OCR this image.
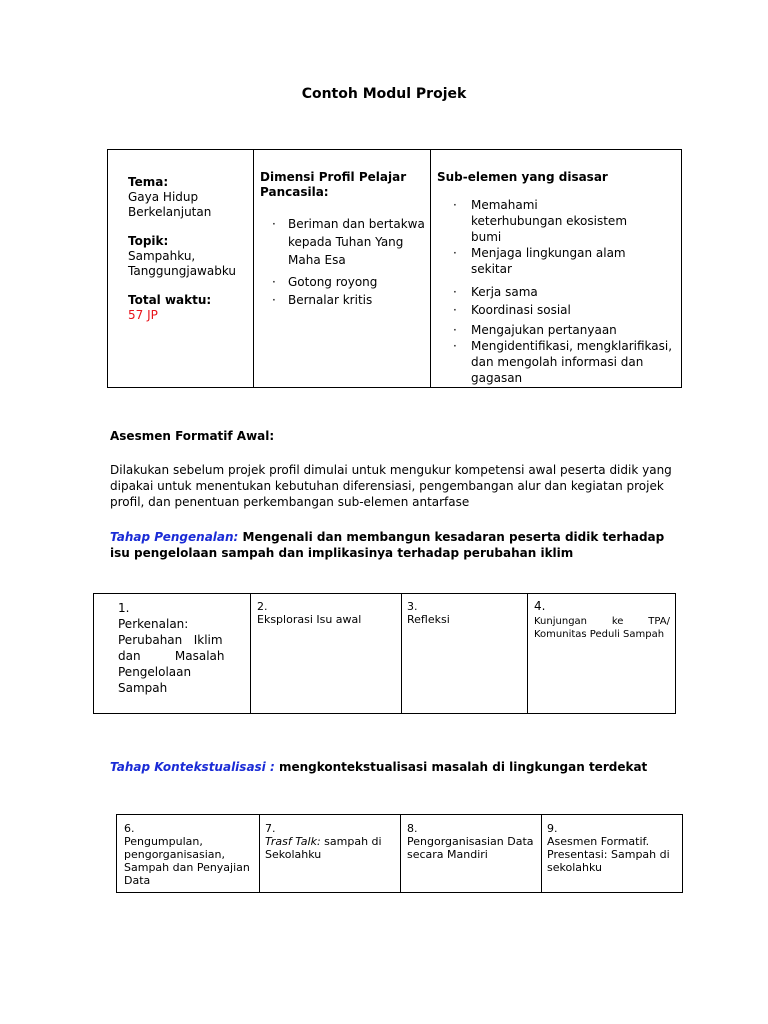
Contoh Modul Projek

Tema:

Gaya Hidup Berkelanjutan

Topik:

Sampahku,

Tanggungjawabku

Total waktu:

57 JP

Dimensi Profil Pelajar Pancasila:

· Beriman dan bertakwa kepada Tuhan Yang Maha Esa
· Gotong royong
· Bernalar kritis

Sub-elemen yang disasar

· Memahami keterhubungan ekosistem bumi
· Menjaga lingkungan alam sekitar
· Kerja sama
· Koordinasi sosial
· Mengajukan pertanyaan
· Mengidentifikasi, mengklarifikasi, dan mengolah informasi dan gagasan
Asesmen Formatif Awal:
Dilakukan sebelum projek profil dimulai untuk mengukur kompetensi awal peserta didik yang dipakai untuk menentukan kebutuhan diferensiasi, pengembangan alur dan kegiatan projek profil, dan penentuan perkembangan sub-elemen antarfase
Tahap Pengenalan: Mengenali dan membangun kesadaran peserta didik terhadap isu pengelolaan sampah dan implikasinya terhadap perubahan iklim

1.

Perkenalan:

Perubahan   Iklim

dan         Masalah

Pengelolaan

Sampah

2.

Eksplorasi Isu awal

3.

Refleksi

4.

Kunjungan ke TPA/ Komunitas Peduli Sampah

Tahap Kontekstualisasi : mengkontekstualisasi masalah di lingkungan terdekat

6.

Pengumpulan, pengorganisasian, Sampah dan Penyajian Data

7.

Trasf Talk: sampah di Sekolahku

8.

Pengorganisasian Data secara Mandiri

9.

Asesmen Formatif. Presentasi: Sampah di sekolahku
